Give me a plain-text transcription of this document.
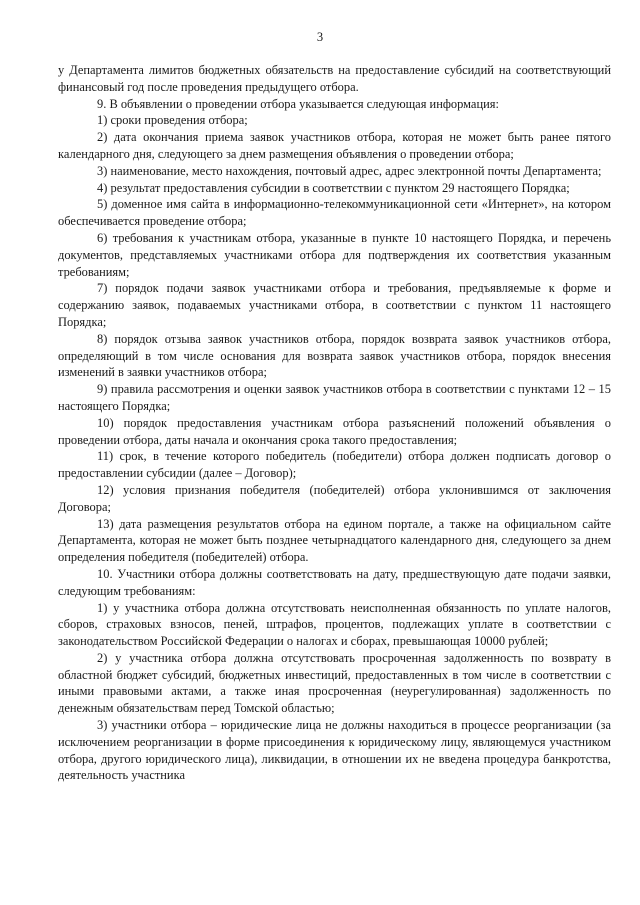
3

у Департамента лимитов бюджетных обязательств на предоставление субсидий на соответствующий финансовый год после проведения предыдущего отбора.

9. В объявлении о проведении отбора указывается следующая информация:

1) сроки проведения отбора;

2) дата окончания приема заявок участников отбора, которая не может быть ранее пятого календарного дня, следующего за днем размещения объявления о проведении отбора;

3) наименование, место нахождения, почтовый адрес, адрес электронной почты Департамента;

4) результат предоставления субсидии в соответствии с пунктом 29 настоящего Порядка;

5) доменное имя сайта в информационно-телекоммуникационной сети «Интернет», на котором обеспечивается проведение отбора;

6) требования к участникам отбора, указанные в пункте 10 настоящего Порядка, и перечень документов, представляемых участниками отбора для подтверждения их соответствия указанным требованиям;

7) порядок подачи заявок участниками отбора и требования, предъявляемые к форме и содержанию заявок, подаваемых участниками отбора, в соответствии с пунктом 11 настоящего Порядка;

8) порядок отзыва заявок участников отбора, порядок возврата заявок участников отбора, определяющий в том числе основания для возврата заявок участников отбора, порядок внесения изменений в заявки участников отбора;

9) правила рассмотрения и оценки заявок участников отбора в соответствии с пунктами 12 – 15 настоящего Порядка;

10) порядок предоставления участникам отбора разъяснений положений объявления о проведении отбора, даты начала и окончания срока такого предоставления;

11) срок, в течение которого победитель (победители) отбора должен подписать договор о предоставлении субсидии (далее – Договор);

12) условия признания победителя (победителей) отбора уклонившимся от заключения Договора;

13) дата размещения результатов отбора на едином портале, а также на официальном сайте Департамента, которая не может быть позднее четырнадцатого календарного дня, следующего за днем определения победителя (победителей) отбора.

10. Участники отбора должны соответствовать на дату, предшествующую дате подачи заявки, следующим требованиям:

1) у участника отбора должна отсутствовать неисполненная обязанность по уплате налогов, сборов, страховых взносов, пеней, штрафов, процентов, подлежащих уплате в соответствии с законодательством Российской Федерации о налогах и сборах, превышающая 10000 рублей;

2) у участника отбора должна отсутствовать просроченная задолженность по возврату в областной бюджет субсидий, бюджетных инвестиций, предоставленных в том числе в соответствии с иными правовыми актами, а также иная просроченная (неурегулированная) задолженность по денежным обязательствам перед Томской областью;

3) участники отбора – юридические лица не должны находиться в процессе реорганизации (за исключением реорганизации в форме присоединения к юридическому лицу, являющемуся участником отбора, другого юридического лица), ликвидации, в отношении их не введена процедура банкротства, деятельность участника
